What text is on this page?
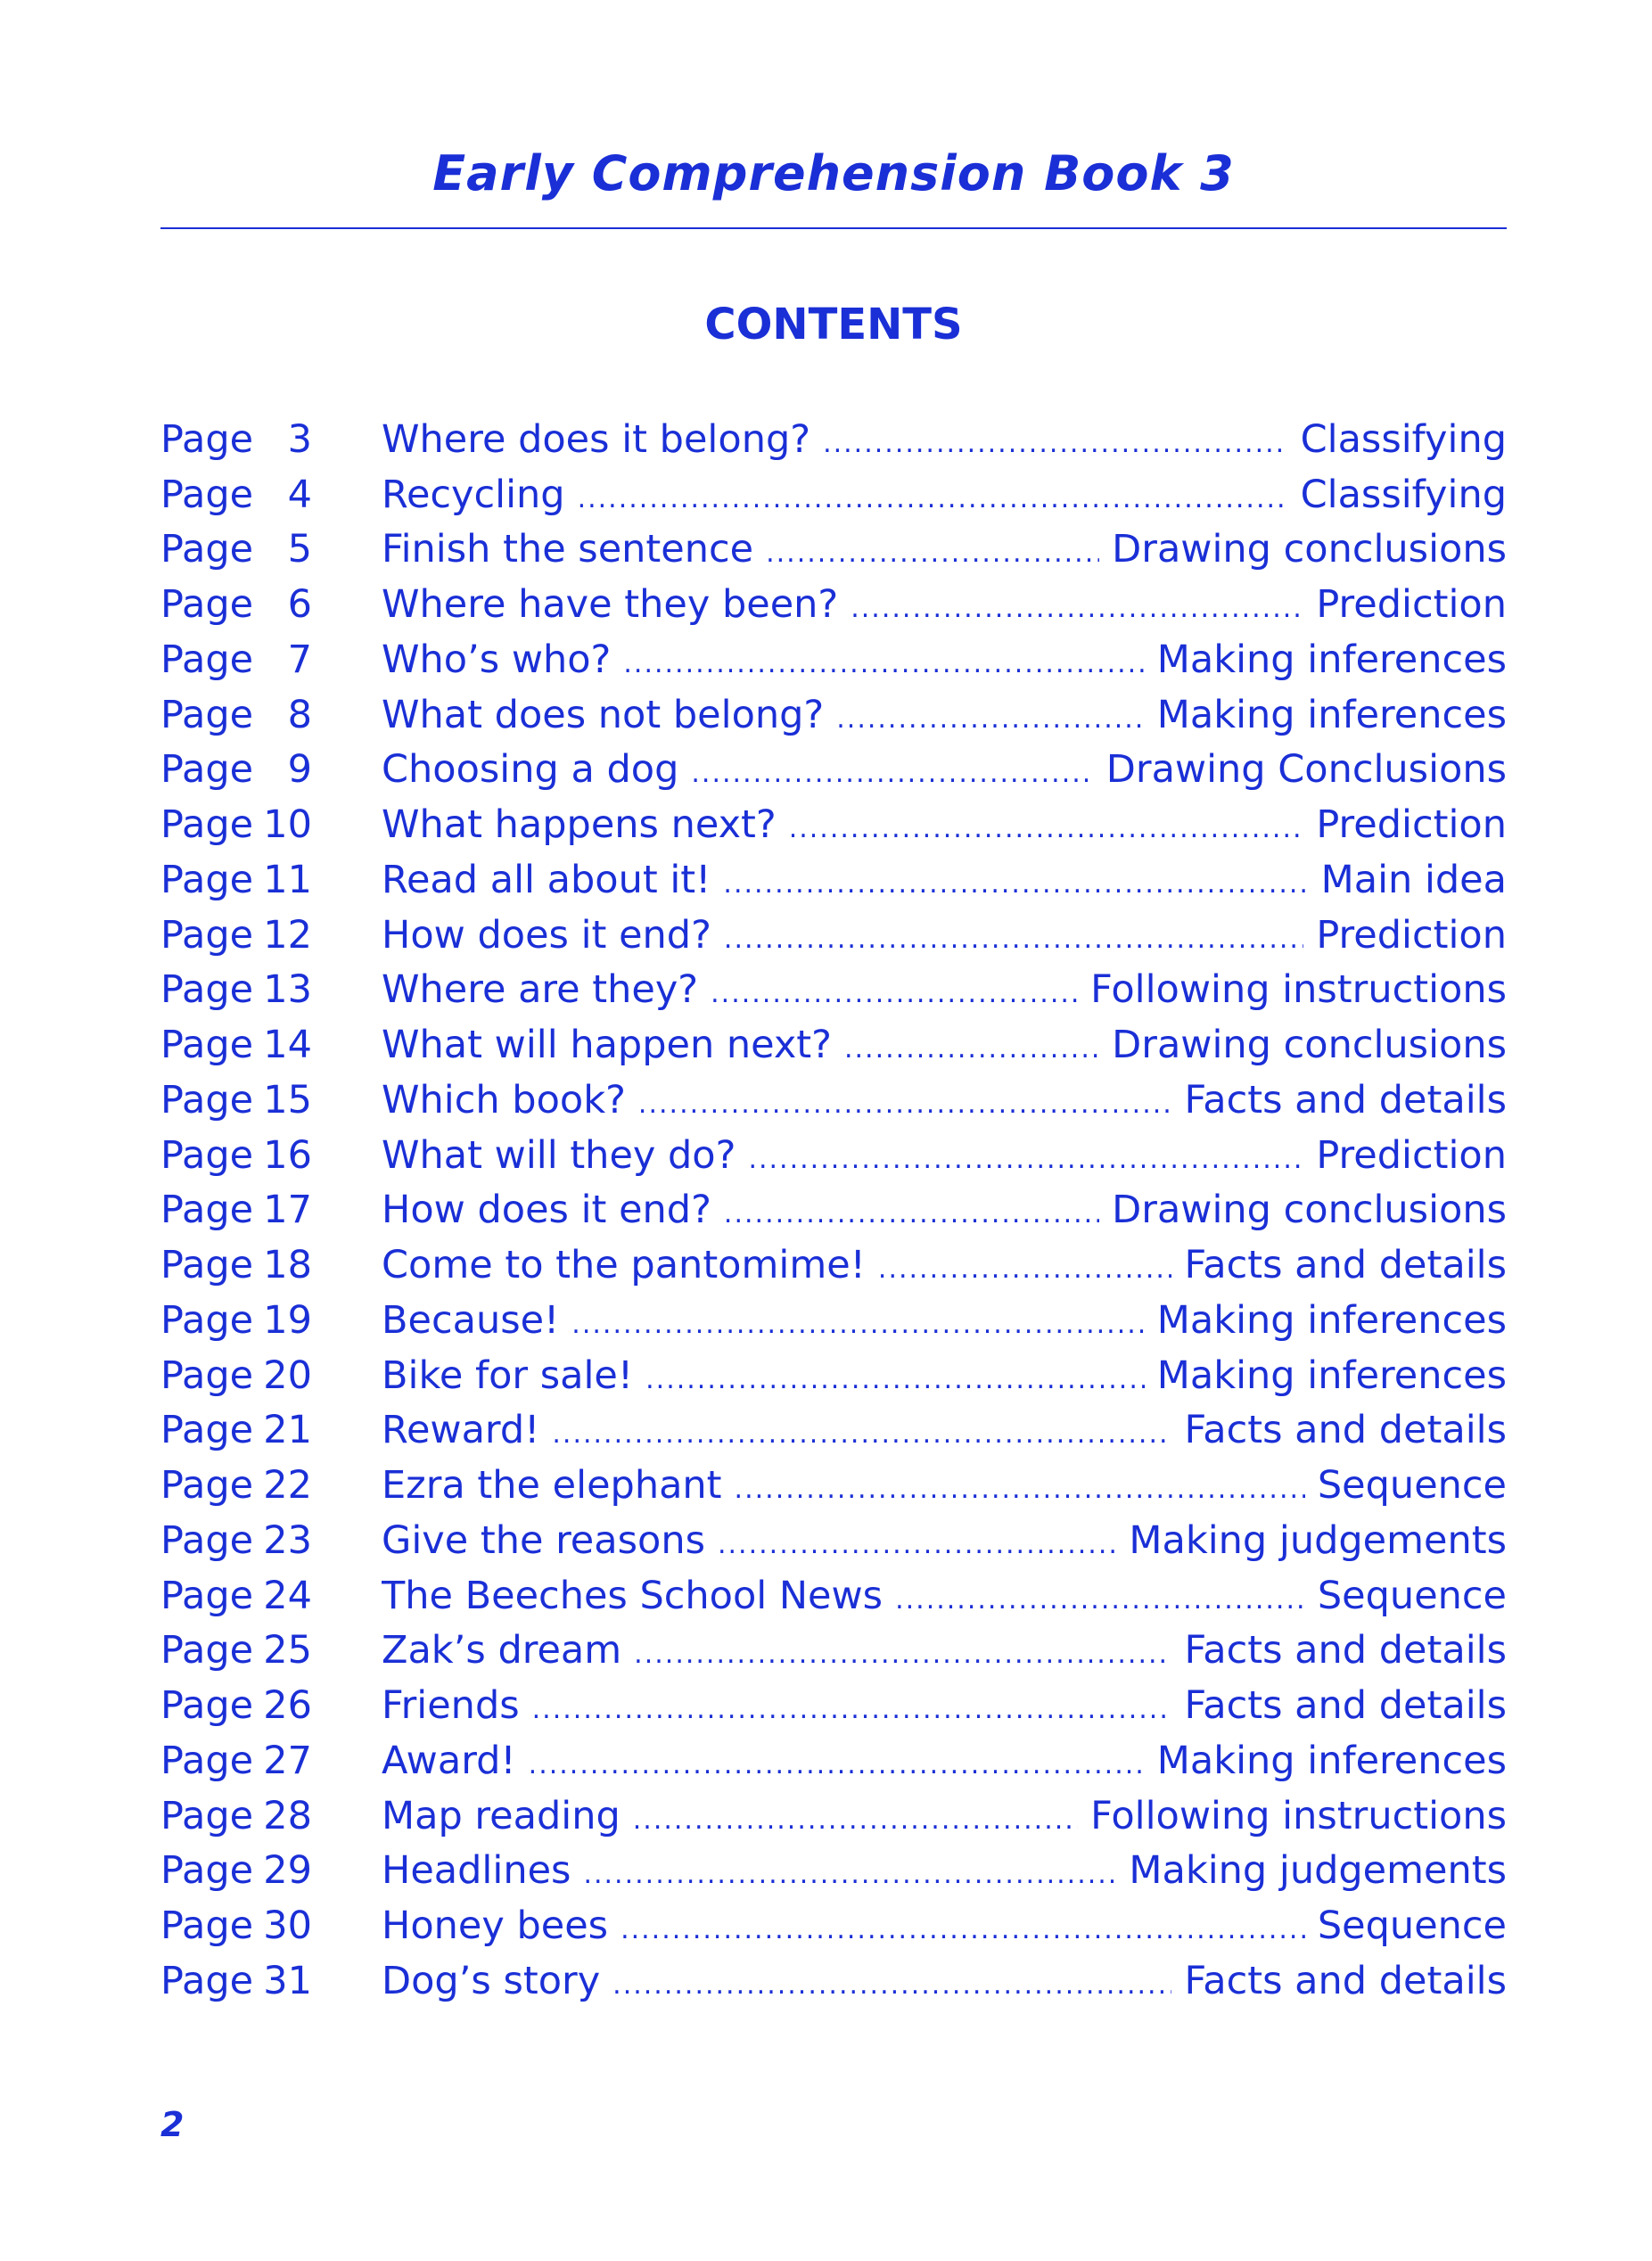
Early Comprehension Book 3
CONTENTS
Page 3 Where does it belong? .....	Classifying
Page 4 Recycling .....	Classifying
Page 5 Finish the sentence .....	Drawing conclusions
Page 6 Where have they been? .....	Prediction
Page 7 Who’s who? .....	Making inferences
Page 8 What does not belong? .....	Making inferences
Page 9 Choosing a dog .....	Drawing Conclusions
Page 10 What happens next? .....	Prediction
Page 11 Read all about it! .....	Main idea
Page 12 How does it end? .....	Prediction
Page 13 Where are they? .....	Following instructions
Page 14 What will happen next? .....	Drawing conclusions
Page 15 Which book? .....	Facts and details
Page 16 What will they do? .....	Prediction
Page 17 How does it end? .....	Drawing conclusions
Page 18 Come to the pantomime! .....	Facts and details
Page 19 Because! .....	Making inferences
Page 20 Bike for sale! .....	Making inferences
Page 21 Reward! .....	Facts and details
Page 22 Ezra the elephant .....	Sequence
Page 23 Give the reasons .....	Making judgements
Page 24 The Beeches School News .....	Sequence
Page 25 Zak’s dream .....	Facts and details
Page 26 Friends .....	Facts and details
Page 27 Award! .....	Making inferences
Page 28 Map reading .....	Following instructions
Page 29 Headlines .....	Making judgements
Page 30 Honey bees .....	Sequence
Page 31 Dog’s story .....	Facts and details
2
